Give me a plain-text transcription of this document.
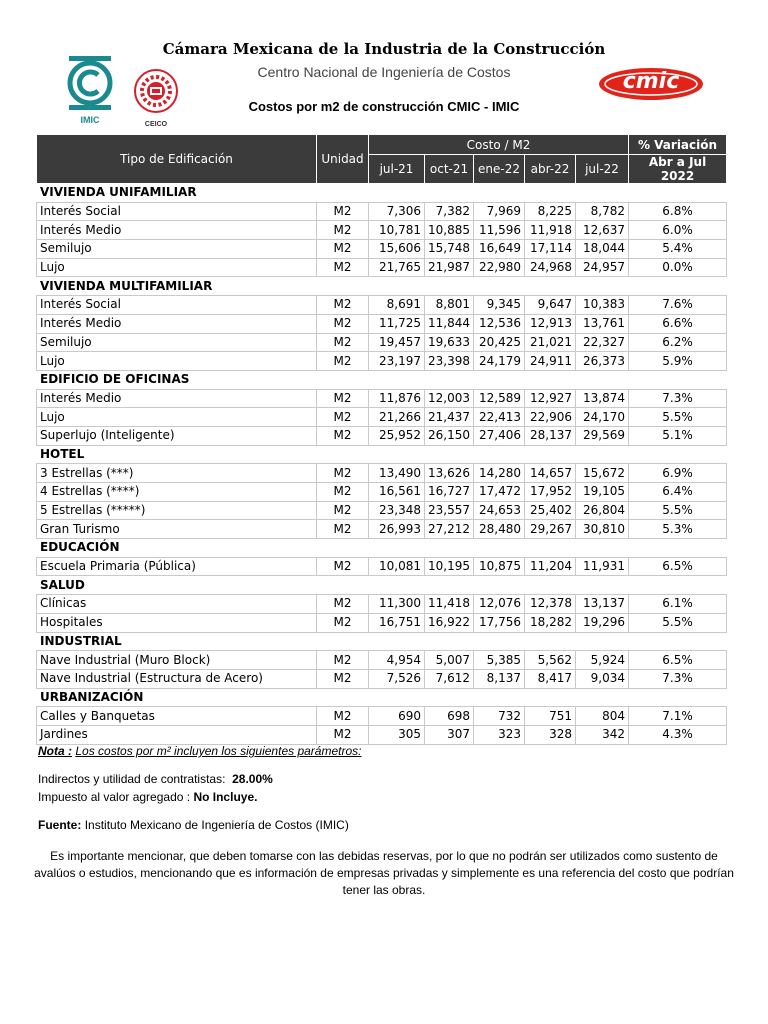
Cámara Mexicana de la Industria de la Construcción
Centro Nacional de Ingeniería de Costos
Costos por m2 de construcción CMIC - IMIC
IMIC	CEICO
cmic
Tipo de Edificación	Unidad	Costo / M2					% Variación
		jul-21	oct-21	ene-22	abr-22	jul-22	Abr a Jul 2022
VIVIENDA UNIFAMILIAR							
Interés Social	M2	7,306	7,382	7,969	8,225	8,782	6.8%
Interés Medio	M2	10,781	10,885	11,596	11,918	12,637	6.0%
Semilujo	M2	15,606	15,748	16,649	17,114	18,044	5.4%
Lujo	M2	21,765	21,987	22,980	24,968	24,957	0.0%
VIVIENDA MULTIFAMILIAR							
Interés Social	M2	8,691	8,801	9,345	9,647	10,383	7.6%
Interés Medio	M2	11,725	11,844	12,536	12,913	13,761	6.6%
Semilujo	M2	19,457	19,633	20,425	21,021	22,327	6.2%
Lujo	M2	23,197	23,398	24,179	24,911	26,373	5.9%
EDIFICIO DE OFICINAS							
Interés Medio	M2	11,876	12,003	12,589	12,927	13,874	7.3%
Lujo	M2	21,266	21,437	22,413	22,906	24,170	5.5%
Superlujo (Inteligente)	M2	25,952	26,150	27,406	28,137	29,569	5.1%
HOTEL							
3 Estrellas (***)	M2	13,490	13,626	14,280	14,657	15,672	6.9%
4 Estrellas (****)	M2	16,561	16,727	17,472	17,952	19,105	6.4%
5 Estrellas (*****)	M2	23,348	23,557	24,653	25,402	26,804	5.5%
Gran Turismo	M2	26,993	27,212	28,480	29,267	30,810	5.3%
EDUCACIÓN							
Escuela Primaria (Pública)	M2	10,081	10,195	10,875	11,204	11,931	6.5%
SALUD							
Clínicas	M2	11,300	11,418	12,076	12,378	13,137	6.1%
Hospitales	M2	16,751	16,922	17,756	18,282	19,296	5.5%
INDUSTRIAL							
Nave Industrial (Muro Block)	M2	4,954	5,007	5,385	5,562	5,924	6.5%
Nave Industrial (Estructura de Acero)	M2	7,526	7,612	8,137	8,417	9,034	7.3%
URBANIZACIÓN							
Calles y Banquetas	M2	690	698	732	751	804	7.1%
Jardines	M2	305	307	323	328	342	4.3%
Nota : Los costos por m² incluyen los siguientes parámetros:
Indirectos y utilidad de contratistas: 28.00%
Impuesto al valor agregado : No Incluye.
Fuente: Instituto Mexicano de Ingeniería de Costos (IMIC)
Es importante mencionar, que deben tomarse con las debidas reservas, por lo que no podrán ser utilizados como sustento de avalúos o estudios, mencionando que es información de empresas privadas y simplemente es una referencia del costo que podrían tener las obras.
